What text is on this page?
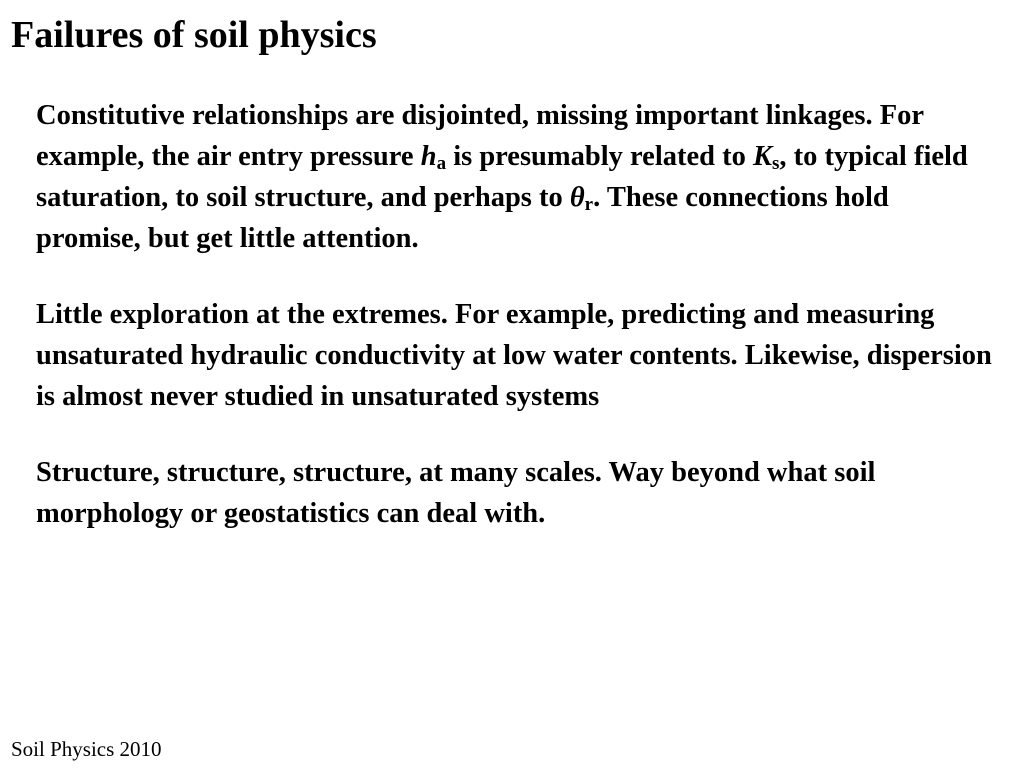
Failures of soil physics

Constitutive relationships are disjointed, missing important linkages. For example, the air entry pressure $h_a$ is presumably related to $K_s$, to typical field saturation, to soil structure, and perhaps to $\theta_r$. These connections hold promise, but get little attention.

Little exploration at the extremes. For example, predicting and measuring unsaturated hydraulic conductivity at low water contents. Likewise, dispersion is almost never studied in unsaturated systems

Structure, structure, structure, at many scales. Way beyond what soil morphology or geostatistics can deal with.

Soil Physics 2010
